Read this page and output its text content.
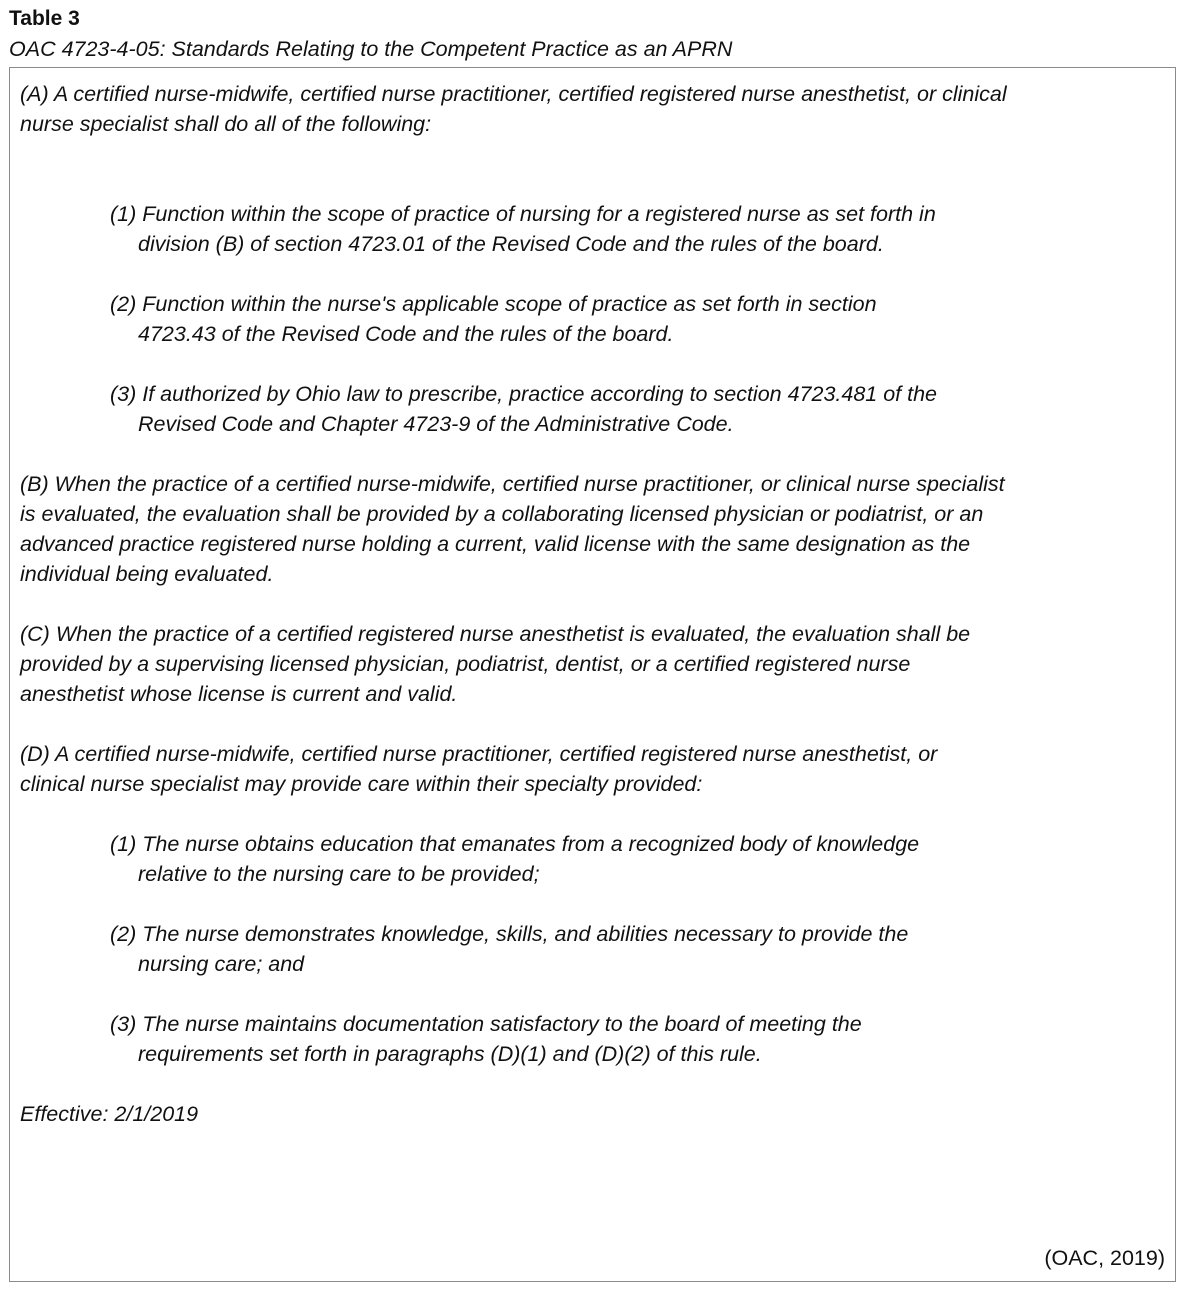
Table 3
OAC 4723-4-05: Standards Relating to the Competent Practice as an APRN

(A) A certified nurse-midwife, certified nurse practitioner, certified registered nurse anesthetist, or clinical

nurse specialist shall do all of the following:

(1) Function within the scope of practice of nursing for a registered nurse as set forth in division (B) of section 4723.01 of the Revised Code and the rules of the board.

(2) Function within the nurse's applicable scope of practice as set forth in section 4723.43 of the Revised Code and the rules of the board.

(3) If authorized by Ohio law to prescribe, practice according to section 4723.481 of the Revised Code and Chapter 4723-9 of the Administrative Code.

(B) When the practice of a certified nurse-midwife, certified nurse practitioner, or clinical nurse specialist

is evaluated, the evaluation shall be provided by a collaborating licensed physician or podiatrist, or an

advanced practice registered nurse holding a current, valid license with the same designation as the

individual being evaluated.

(C) When the practice of a certified registered nurse anesthetist is evaluated, the evaluation shall be

provided by a supervising licensed physician, podiatrist, dentist, or a certified registered nurse

anesthetist whose license is current and valid.

(D) A certified nurse-midwife, certified nurse practitioner, certified registered nurse anesthetist, or

clinical nurse specialist may provide care within their specialty provided:

(1) The nurse obtains education that emanates from a recognized body of knowledge relative to the nursing care to be provided;

(2) The nurse demonstrates knowledge, skills, and abilities necessary to provide the nursing care; and

(3) The nurse maintains documentation satisfactory to the board of meeting the requirements set forth in paragraphs (D)(1) and (D)(2) of this rule.

Effective: 2/1/2019

(OAC, 2019)
